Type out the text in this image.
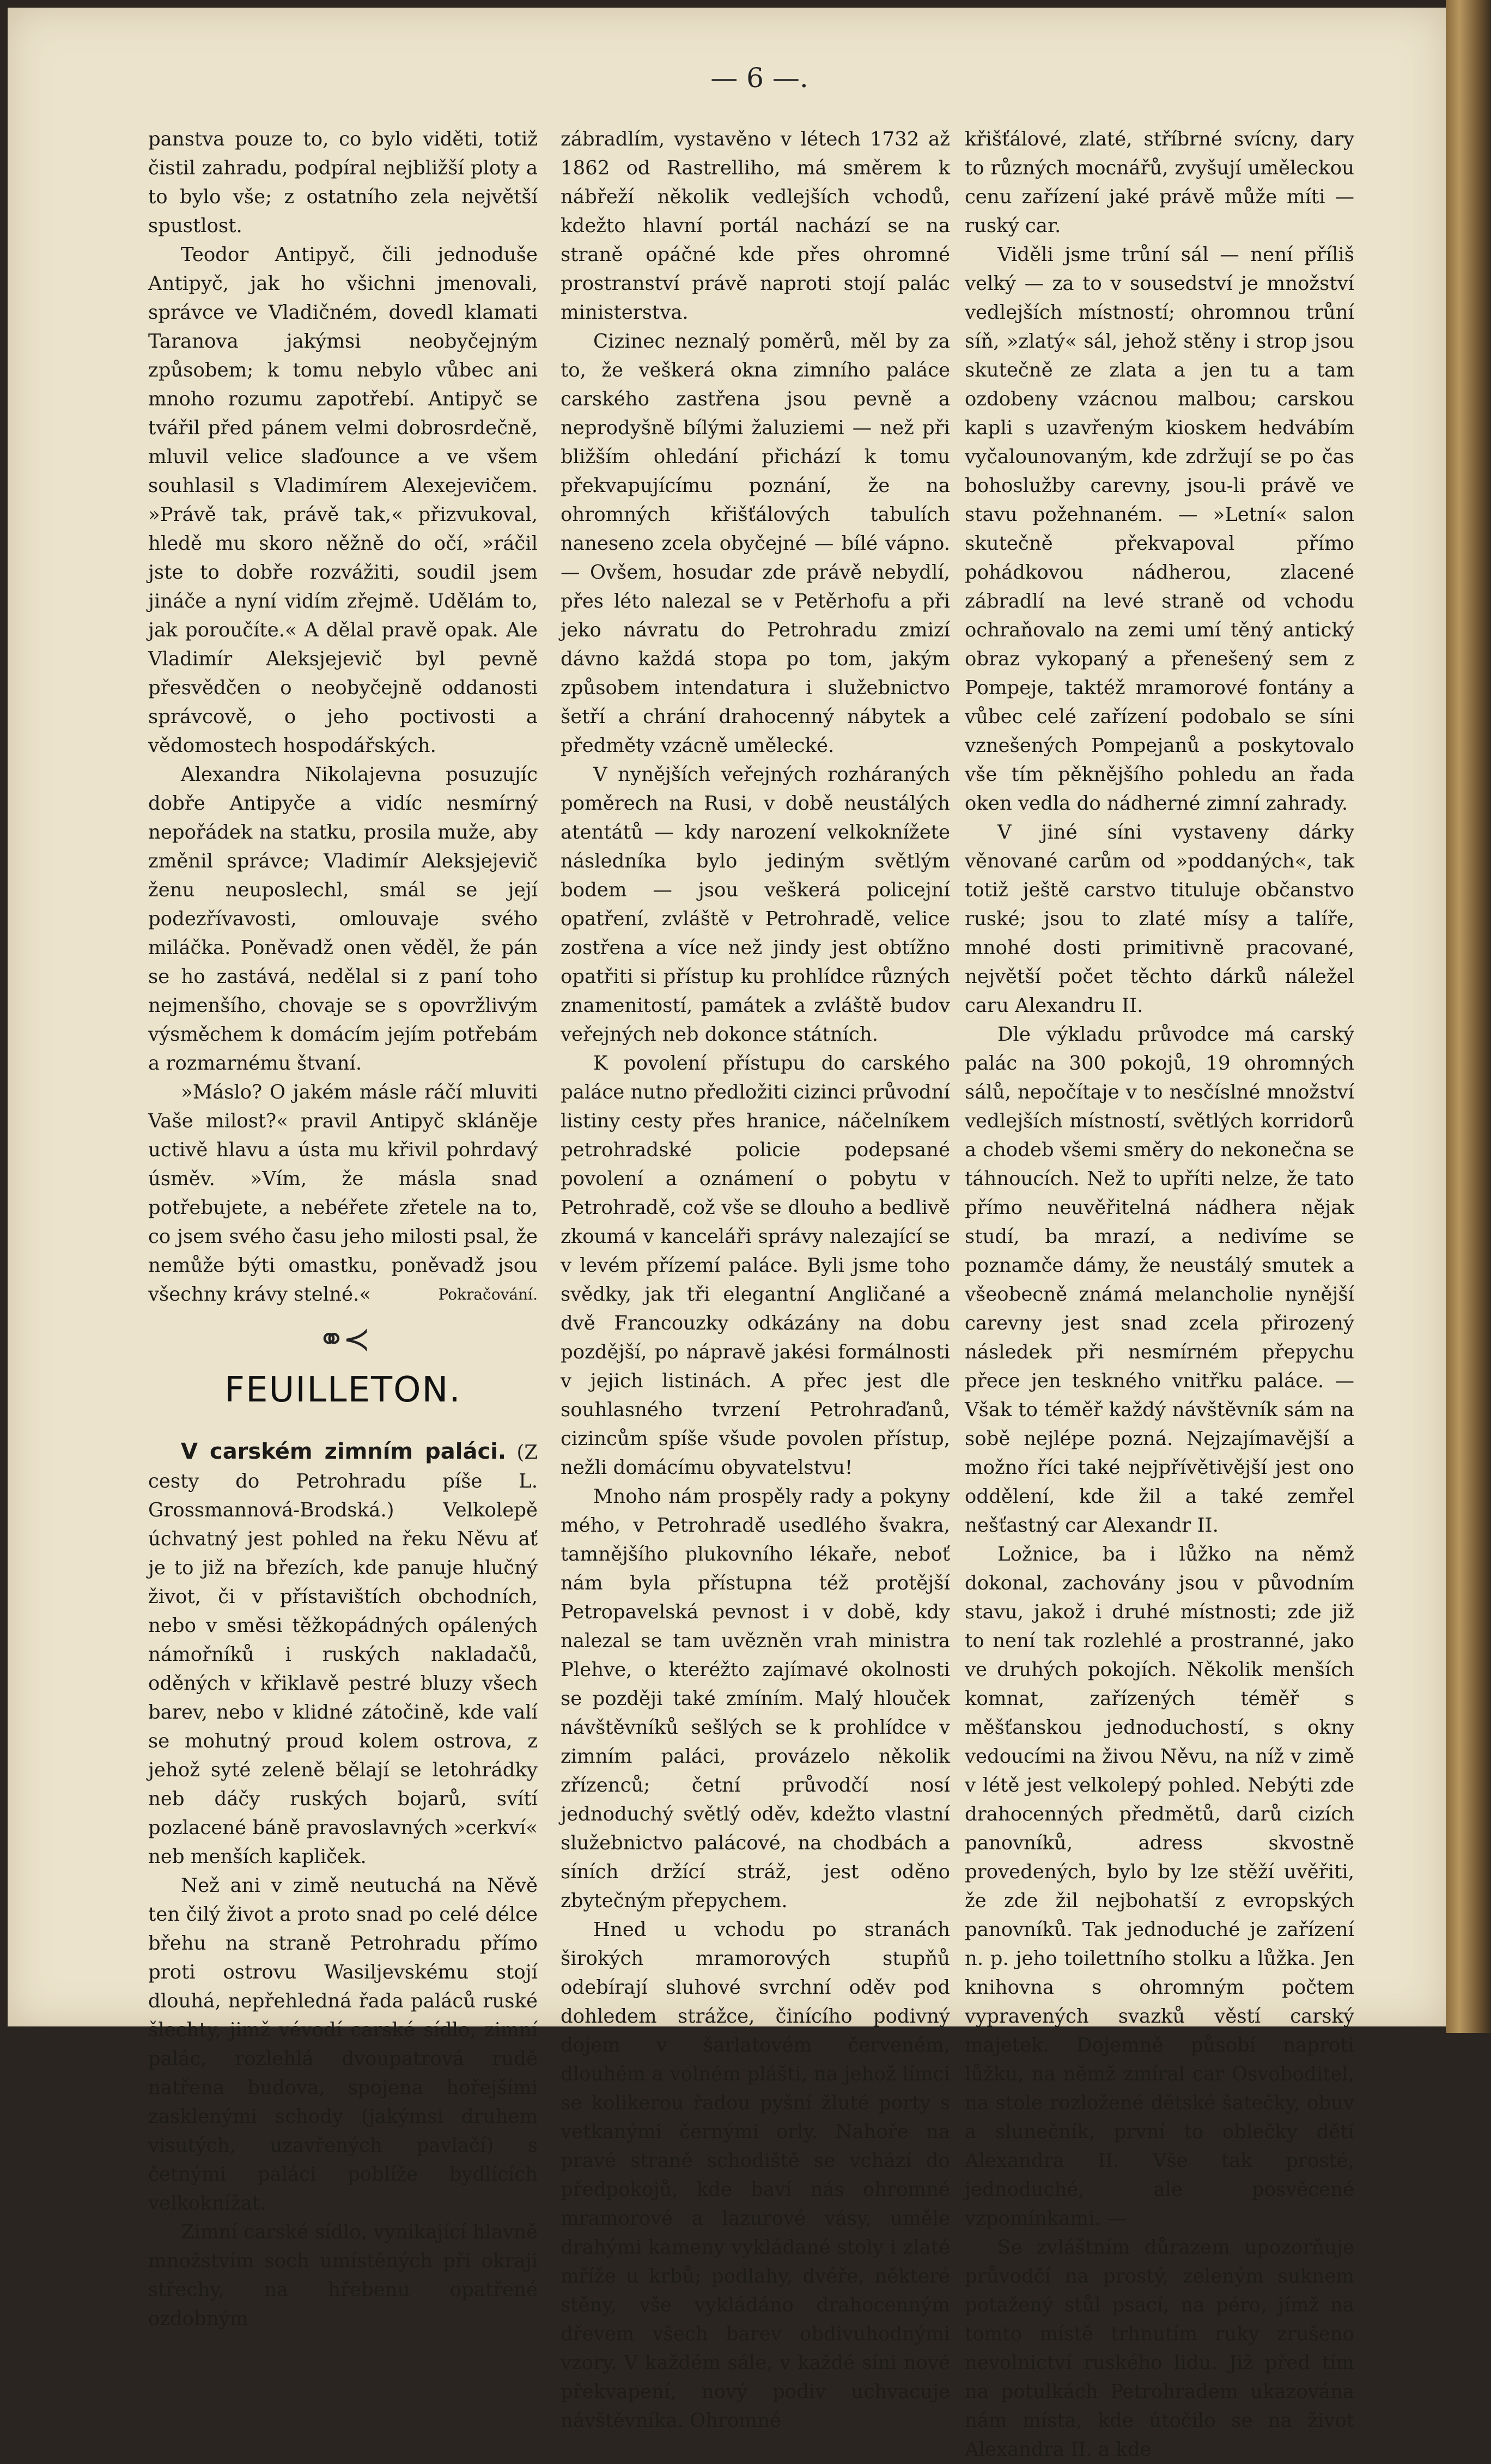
— 6 —.

panstva pouze to, co bylo viděti, totiž čistil zahradu, podpíral nejbližší ploty a to bylo vše; z ostatního zela největší spustlost.

Teodor Antipyč, čili jednoduše Antipyč, jak ho všichni jmenovali, správce ve Vladičném, dovedl klamati Taranova jakýmsi neobyčejným způsobem; k tomu nebylo vůbec ani mnoho rozumu zapotřebí. Antipyč se tvářil před pánem velmi dobrosrdečně, mluvil velice slaďounce a ve všem souhlasil s Vladimírem Alexejevičem. »Právě tak, právě tak,« přizvukoval, hledě mu skoro něžně do očí, »ráčil jste to dobře rozvážiti, soudil jsem jináče a nyní vidím zřejmě. Udělám to, jak poroučíte.« A dělal pravě opak. Ale Vladimír Aleksjejevič byl pevně přesvědčen o neobyčejně oddanosti správcově, o jeho poctivosti a vědomostech hospodářských.

Alexandra Nikolajevna posuzujíc dobře Antipyče a vidíc nesmírný nepořádek na statku, prosila muže, aby změnil správce; Vladimír Aleksjejevič ženu neuposlechl, smál se její podezřívavosti, omlouvaje svého miláčka. Poněvadž onen věděl, že pán se ho zastává, nedělal si z paní toho nejmenšího, chovaje se s opovržlivým výsměchem k domácím jejím potřebám a rozmarnému štvaní.

»Máslo? O jakém másle ráčí mluviti Vaše milost?« pravil Antipyč skláněje uctivě hlavu a ústa mu křivil pohrdavý úsměv. »Vím, že másla snad potřebujete, a nebéřete zřetele na to, co jsem svého času jeho milosti psal, že nemůže býti omastku, poněvadž jsou všechny krávy stelné.«	Pokračování.
⚭≺
FEUILLETON.

V carském zimním paláci. (Z cesty do Petrohradu píše L. Grossmannová-Brodská.) Velkolepě úchvatný jest pohled na řeku Něvu ať je to již na březích, kde panuje hlučný život, či v přístavištích obchodních, nebo v směsi těžkopádných opálených námořníků i ruských nakladačů, oděných v křiklavě pestré bluzy všech barev, nebo v klidné zátočině, kde valí se mohutný proud kolem ostrova, z jehož syté zeleně bělají se letohrádky neb dáčy ruských bojarů, svítí pozlacené báně pravoslavných »cerkví« neb menších kapliček.

Než ani v zimě neutuchá na Něvě ten čilý život a proto snad po celé délce břehu na straně Petrohradu přímo proti ostrovu Wasiljevskému stojí dlouhá, nepřehledná řada paláců ruské šlechty, jimž vévodí carské sídlo, zimní palác, rozlehlá dvoupatrová rudě natřena budova, spojena hořejšími zasklenými schody (jakýmsi druhem visutých, uzavřených pavlačí) s četnými paláci poblíže bydlících velkoknížat.

Zimní carské sídlo, vynikající hlavně množstvím soch umístěných při okraji střechy, na hřebenu opatřené ozdobným

zábradlím, vystavěno v létech 1732 až 1862 od Rastrelliho, má směrem k nábřeží několik vedlejších vchodů, kdežto hlavní portál nachází se na straně opáčné kde přes ohromné prostranství právě naproti stojí palác ministerstva.

Cizinec neznalý poměrů, měl by za to, že veškerá okna zimního paláce carského zastřena jsou pevně a neprodyšně bílými žaluziemi — než při bližším ohledání přichází k tomu překvapujícímu poznání, že na ohromných křišťálových tabulích naneseno zcela obyčejné — bílé vápno. — Ovšem, hosudar zde právě nebydlí, přes léto nalezal se v Petěrhofu a při jeko návratu do Petrohradu zmizí dávno každá stopa po tom, jakým způsobem intendatura i služebnictvo šetří a chrání drahocenný nábytek a předměty vzácně umělecké.

V nynějších veřejných rozháraných poměrech na Rusi, v době neustálých atentátů — kdy narození velkoknížete následníka bylo jediným světlým bodem — jsou veškerá policejní opatření, zvláště v Petrohradě, velice zostřena a více než jindy jest obtížno opatřiti si přístup ku prohlídce různých znamenitostí, památek a zvláště budov veřejných neb dokonce státních.

K povolení přístupu do carského paláce nutno předložiti cizinci průvodní listiny cesty přes hranice, náčelníkem petrohradské policie podepsané povolení a oznámení o pobytu v Petrohradě, což vše se dlouho a bedlivě zkoumá v kanceláři správy nalezající se v levém přízemí paláce. Byli jsme toho svědky, jak tři elegantní Angličané a dvě Francouzky odkázány na dobu pozdější, po nápravě jakési formálnosti v jejich listinách. A přec jest dle souhlasného tvrzení Petrohraďanů, cizincům spíše všude povolen přístup, nežli domácímu obyvatelstvu!

Mnoho nám prospěly rady a pokyny mého, v Petrohradě usedlého švakra, tamnějšího plukovního lékaře, neboť nám byla přístupna též protější Petropavelská pevnost i v době, kdy nalezal se tam uvězněn vrah ministra Plehve, o kteréžto zajímavé okolnosti se později také zmíním. Malý hlouček návštěvníků sešlých se k prohlídce v zimním paláci, provázelo několik zřízenců; četní průvodčí nosí jednoduchý světlý oděv, kdežto vlastní služebnictvo palácové, na chodbách a síních držící stráž, jest oděno zbytečným přepychem.

Hned u vchodu po stranách širokých mramorových stupňů odebírají sluhové svrchní oděv pod dohledem strážce, činícího podivný dojem v šarlatovém červeném, dlouhém a volném plášti, na jehož límci se kolikerou řadou pyšní žluté porty s vetkanými černými orly. Nahoře na pravé straně schodiště se vchází do předpokojů, kde baví nás ohromné mramorové a lazurové vásy, uměle drahými kameny vykládané stoly i zlaté mříže u krbů; podlahy, dvéře, některé stěny, vše vykládáno drahocenným dřevem všech barev obdivuhodnými vzory. V každém sále, v každé síni nové překvapení, nový podiv uchvacuje návštěvníka. Ohromné

křišťálové, zlaté, stříbrné svícny, dary to různých mocnářů, zvyšují uměleckou cenu zařízení jaké právě může míti — ruský car.

Viděli jsme trůní sál — není příliš velký — za to v sousedství je množství vedlejších místností; ohromnou trůní síň, »zlatý« sál, jehož stěny i strop jsou skutečně ze zlata a jen tu a tam ozdobeny vzácnou malbou; carskou kapli s uzavřeným kioskem hedvábím vyčalounovaným, kde zdržují se po čas bohoslužby carevny, jsou-li právě ve stavu požehnaném. — »Letní« salon skutečně překvapoval přímo pohádkovou nádherou, zlacené zábradlí na levé straně od vchodu ochraňovalo na zemi umí těný antický obraz vykopaný a přenešený sem z Pompeje, taktéž mramorové fontány a vůbec celé zařízení podobalo se síni vznešených Pompejanů a poskytovalo vše tím pěknějšího pohledu an řada oken vedla do nádherné zimní zahrady.

V jiné síni vystaveny dárky věnované carům od »poddaných«, tak totiž ještě carstvo tituluje občanstvo ruské; jsou to zlaté mísy a talíře, mnohé dosti primitivně pracované, největší počet těchto dárků náležel caru Alexandru II.

Dle výkladu průvodce má carský palác na 300 pokojů, 19 ohromných sálů, nepočítaje v to nesčíslné množství vedlejších místností, světlých korridorů a chodeb všemi směry do nekonečna se táhnoucích. Než to upříti nelze, že tato přímo neuvěřitelná nádhera nějak studí, ba mrazí, a nedivíme se poznamče dámy, že neustálý smutek a všeobecně známá melancholie nynější carevny jest snad zcela přirozený následek při nesmírném přepychu přece jen teskného vnitřku paláce. — Však to téměř každý návštěvník sám na sobě nejlépe pozná. Nejzajímavější a možno říci také nejpřívětivější jest ono oddělení, kde žil a také zemřel nešťastný car Alexandr II.

Ložnice, ba i lůžko na němž dokonal, zachovány jsou v původním stavu, jakož i druhé místnosti; zde již to není tak rozlehlé a prostranné, jako ve druhých pokojích. Několik menších komnat, zařízených téměř s měšťanskou jednoduchostí, s okny vedoucími na živou Něvu, na níž v zimě v létě jest velkolepý pohled. Nebýti zde drahocenných předmětů, darů cizích panovníků, adress skvostně provedených, bylo by lze stěží uvěřiti, že zde žil nejbohatší z evropských panovníků. Tak jednoduché je zařízení n. p. jeho toilettního stolku a lůžka. Jen knihovna s ohromným počtem vypravených svazků věstí carský majetek. Dojemně působí naproti lůžku, na němž zmíral car Osvoboditel, na stole rozložené dětské šatečky, obuv a slunečník, první to oblečky dětí Alexandra II. Vše tak prosté, jednoduché, ale posvěcené vzpomínkami. —

Se zvláštním důrazem upozorňuje průvodčí na prostý, zeleným suknem potažený stůl psací, na péro, jímž na tomto místě trhnutím ruky zrušeno nevolnictví ruského lidu. Již před tím na potulkách Petrohradem ukazována nám místa, kde útočilo se na život Alexandra II. a kde
